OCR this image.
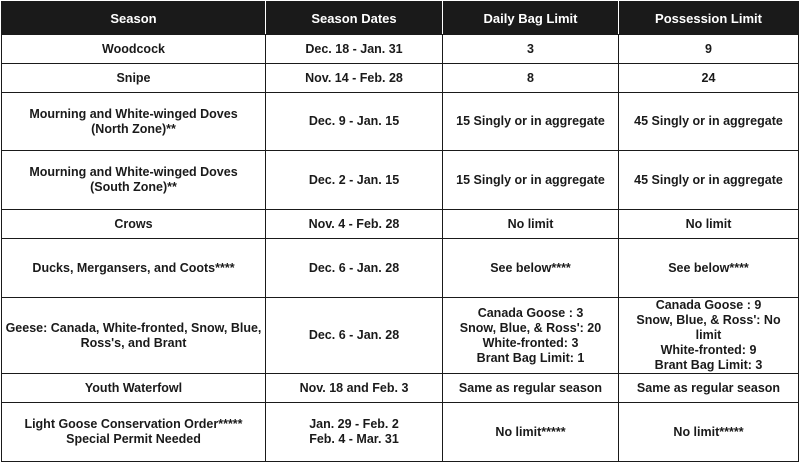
Season	Season Dates	Daily Bag Limit	Possession Limit

Woodcock	Dec. 18 - Jan. 31	3	9

Snipe	Nov. 14 - Feb. 28	8	24

Mourning and White-winged Doves
(North Zone)**	Dec. 9 - Jan. 15	15 Singly or in aggregate	45 Singly or in aggregate

Mourning and White-winged Doves
(South Zone)**	Dec. 2 - Jan. 15	15 Singly or in aggregate	45 Singly or in aggregate

Crows	Nov. 4 - Feb. 28	No limit	No limit

Ducks, Mergansers, and Coots****	Dec. 6 - Jan. 28	See below****	See below****

Geese: Canada, White-fronted, Snow, Blue,
Ross's, and Brant	Dec. 6 - Jan. 28	Canada Goose : 3
Snow, Blue, & Ross': 20
White-fronted: 3
Brant Bag Limit: 1	Canada Goose : 9
Snow, Blue, & Ross': No limit
White-fronted: 9
Brant Bag Limit: 3

Youth Waterfowl	Nov. 18 and Feb. 3	Same as regular season	Same as regular season

Light Goose Conservation Order*****
Special Permit Needed	Jan. 29 - Feb. 2
Feb. 4 - Mar. 31	No limit*****	No limit*****
